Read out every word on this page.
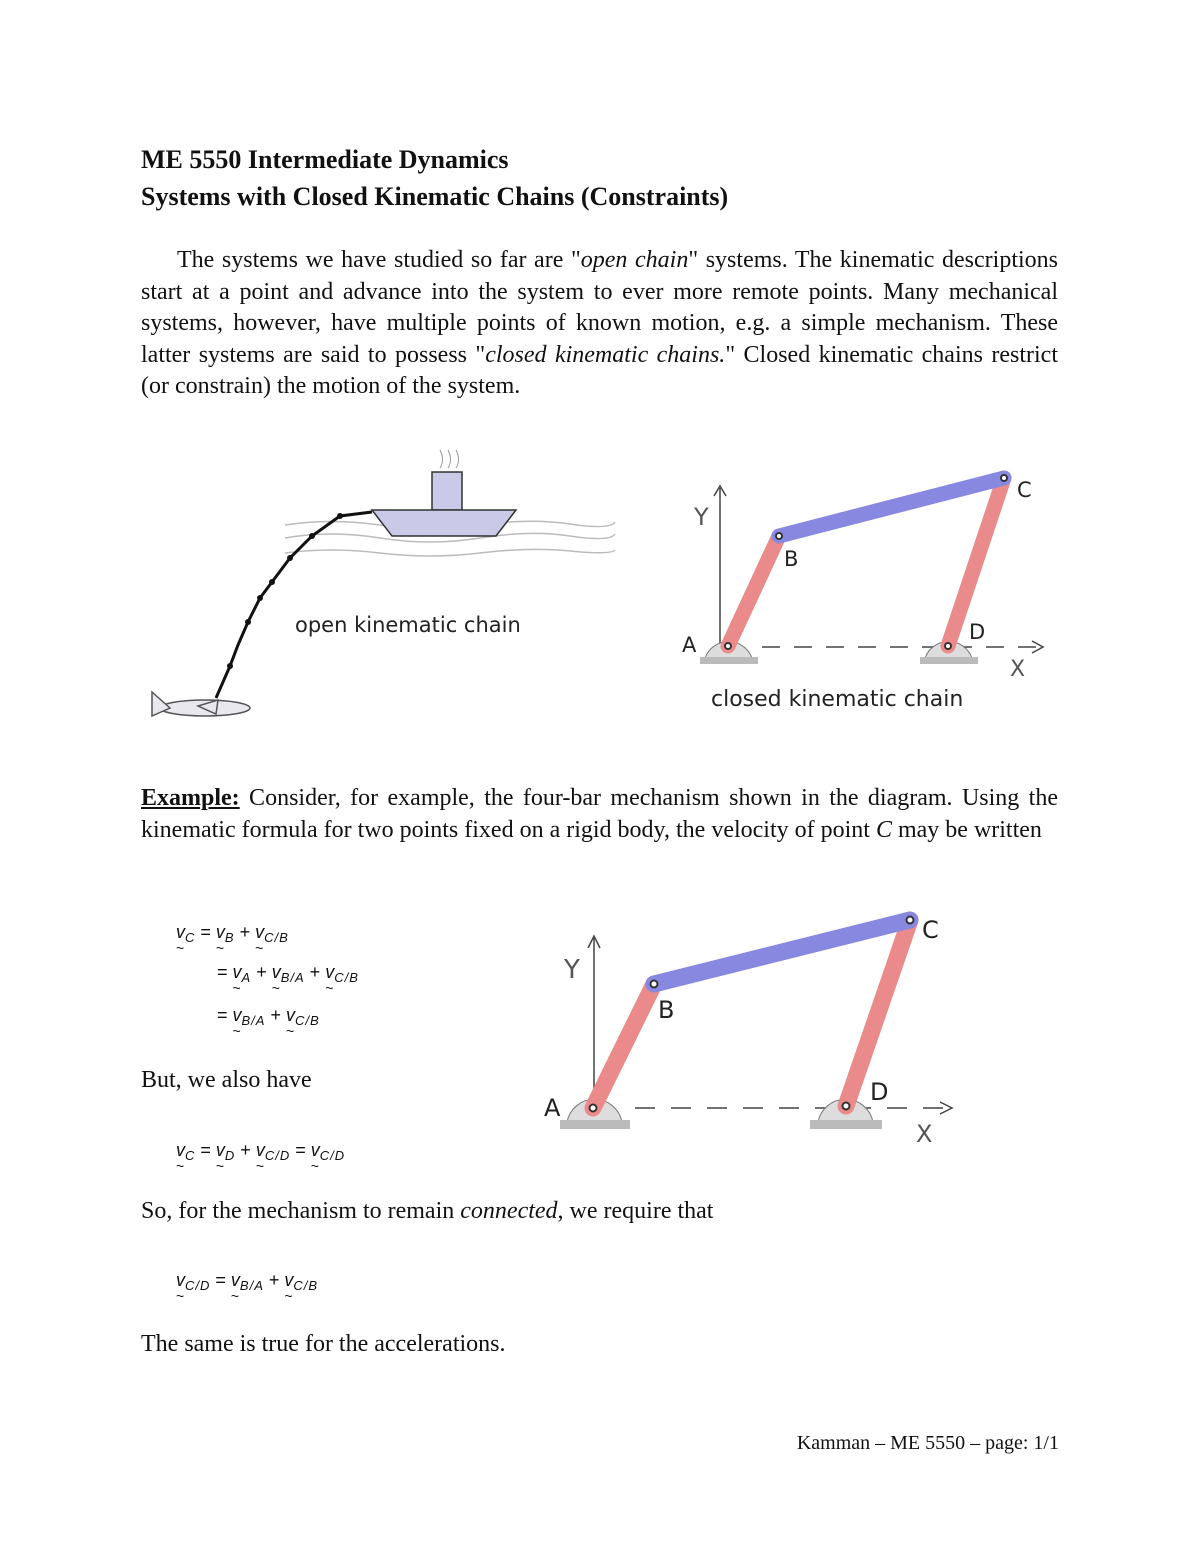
ME 5550 Intermediate Dynamics
Systems with Closed Kinematic Chains (Constraints)
The systems we have studied so far are "open chain" systems. The kinematic descriptions start at a point and advance into the system to ever more remote points. Many mechanical systems, however, have multiple points of known motion, e.g. a simple mechanism. These latter systems are said to possess "closed kinematic chains." Closed kinematic chains restrict (or constrain) the motion of the system.
open kinematic chain
Y
X
A
B
C
D
closed kinematic chain
Example: Consider, for example, the four-bar mechanism shown in the diagram. Using the kinematic formula for two points fixed on a rigid body, the velocity of point C may be written
v $\sim_C = v$ $\sim_B + v$ $\sim_{C/B}$
= v $\sim_A + v$ $\sim_{B/A} + v$ $\sim_{C/B}$
= v $\sim_{B/A} + v$ $\sim_{C/B}$
But, we also have
v $\sim_C = v$ $\sim_D + v$ $\sim_{C/D} = v$ $\sim_{C/D}$
Y
X
A
B
C
D
So, for the mechanism to remain connected, we require that
v $\sim_{C/D} = v$ $\sim_{B/A} + v$ $\sim_{C/B}$
The same is true for the accelerations.
Kamman – ME 5550 – page: 1/1
